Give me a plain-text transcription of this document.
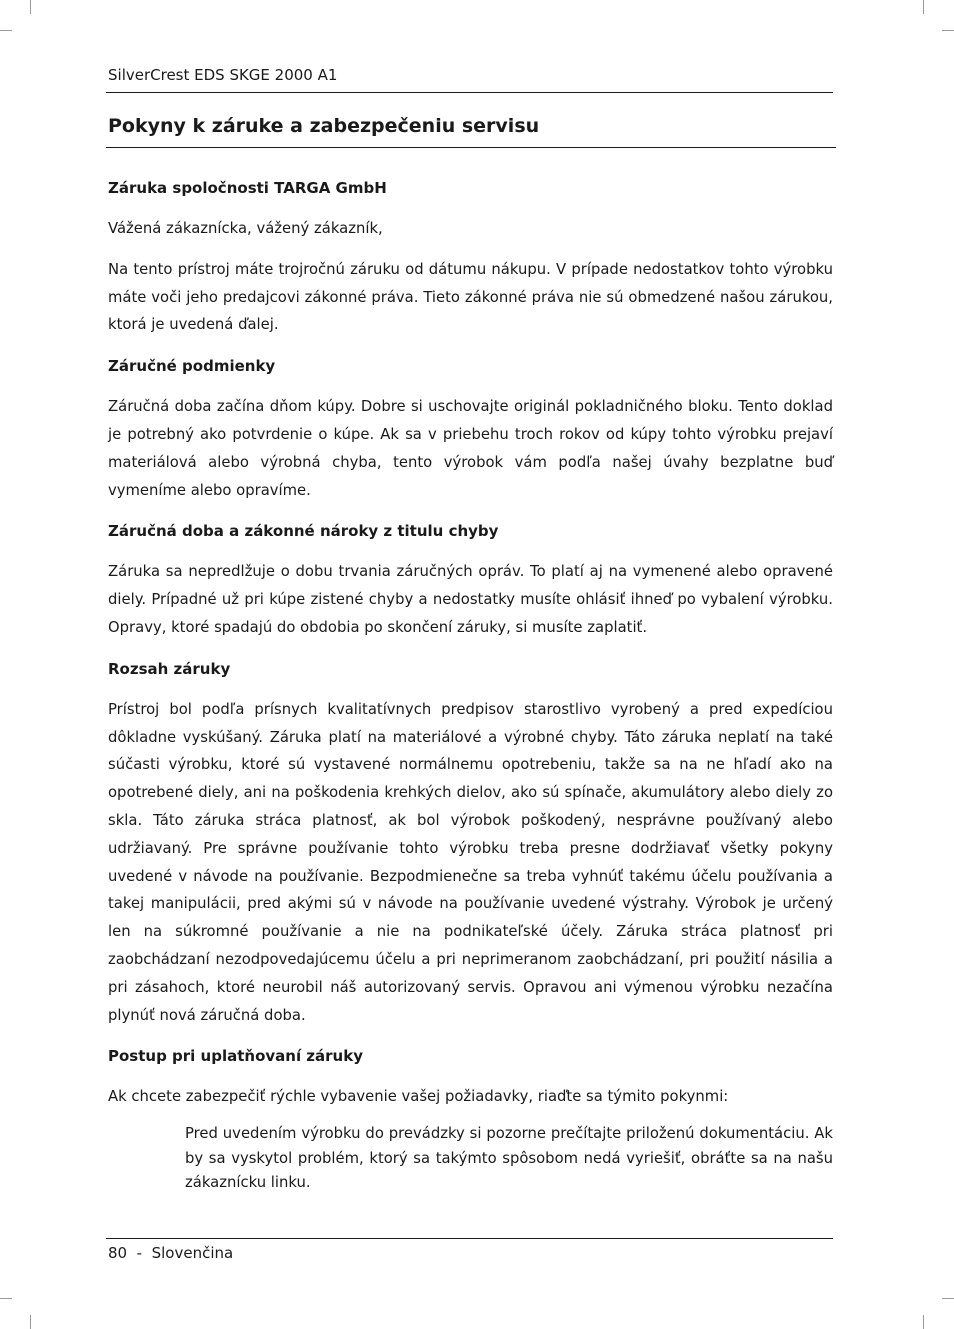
SilverCrest EDS SKGE 2000 A1
Pokyny k záruke a zabezpečeniu servisu
Záruka spoločnosti TARGA GmbH
Vážená zákaznícka, vážený zákazník,
Na tento prístroj máte trojročnú záruku od dátumu nákupu. V prípade nedostatkov tohto výrobku máte voči jeho predajcovi zákonné práva. Tieto zákonné práva nie sú obmedzené našou zárukou, ktorá je uvedená ďalej.
Záručné podmienky
Záručná doba začína dňom kúpy. Dobre si uschovajte originál pokladničného bloku. Tento doklad je potrebný ako potvrdenie o kúpe. Ak sa v priebehu troch rokov od kúpy tohto výrobku prejaví materiálová alebo výrobná chyba, tento výrobok vám podľa našej úvahy bezplatne buď vymeníme alebo opravíme.
Záručná doba a zákonné nároky z titulu chyby
Záruka sa nepredlžuje o dobu trvania záručných opráv. To platí aj na vymenené alebo opravené diely. Prípadné už pri kúpe zistené chyby a nedostatky musíte ohlásiť ihneď po vybalení výrobku. Opravy, ktoré spadajú do obdobia po skončení záruky, si musíte zaplatiť.
Rozsah záruky
Prístroj bol podľa prísnych kvalitatívnych predpisov starostlivo vyrobený a pred expedíciou dôkladne vyskúšaný. Záruka platí na materiálové a výrobné chyby. Táto záruka neplatí na také súčasti výrobku, ktoré sú vystavené normálnemu opotrebeniu, takže sa na ne hľadí ako na opotrebené diely, ani na poškodenia krehkých dielov, ako sú spínače, akumulátory alebo diely zo skla. Táto záruka stráca platnosť, ak bol výrobok poškodený, nesprávne používaný alebo udržiavaný. Pre správne používanie tohto výrobku treba presne dodržiavať všetky pokyny uvedené v návode na používanie. Bezpodmienečne sa treba vyhnúť takému účelu používania a takej manipulácii, pred akými sú v návode na používanie uvedené výstrahy. Výrobok je určený len na súkromné používanie a nie na podnikateľské účely. Záruka stráca platnosť pri zaobchádzaní nezodpovedajúcemu účelu a pri neprimeranom zaobchádzaní, pri použití násilia a pri zásahoch, ktoré neurobil náš autorizovaný servis. Opravou ani výmenou výrobku nezačína plynúť nová záručná doba.
Postup pri uplatňovaní záruky
Ak chcete zabezpečiť rýchle vybavenie vašej požiadavky, riaďte sa týmito pokynmi:
Pred uvedením výrobku do prevádzky si pozorne prečítajte priloženú dokumentáciu. Ak by sa vyskytol problém, ktorý sa takýmto spôsobom nedá vyriešiť, obráťte sa na našu zákaznícku linku.
80 - Slovenčina
